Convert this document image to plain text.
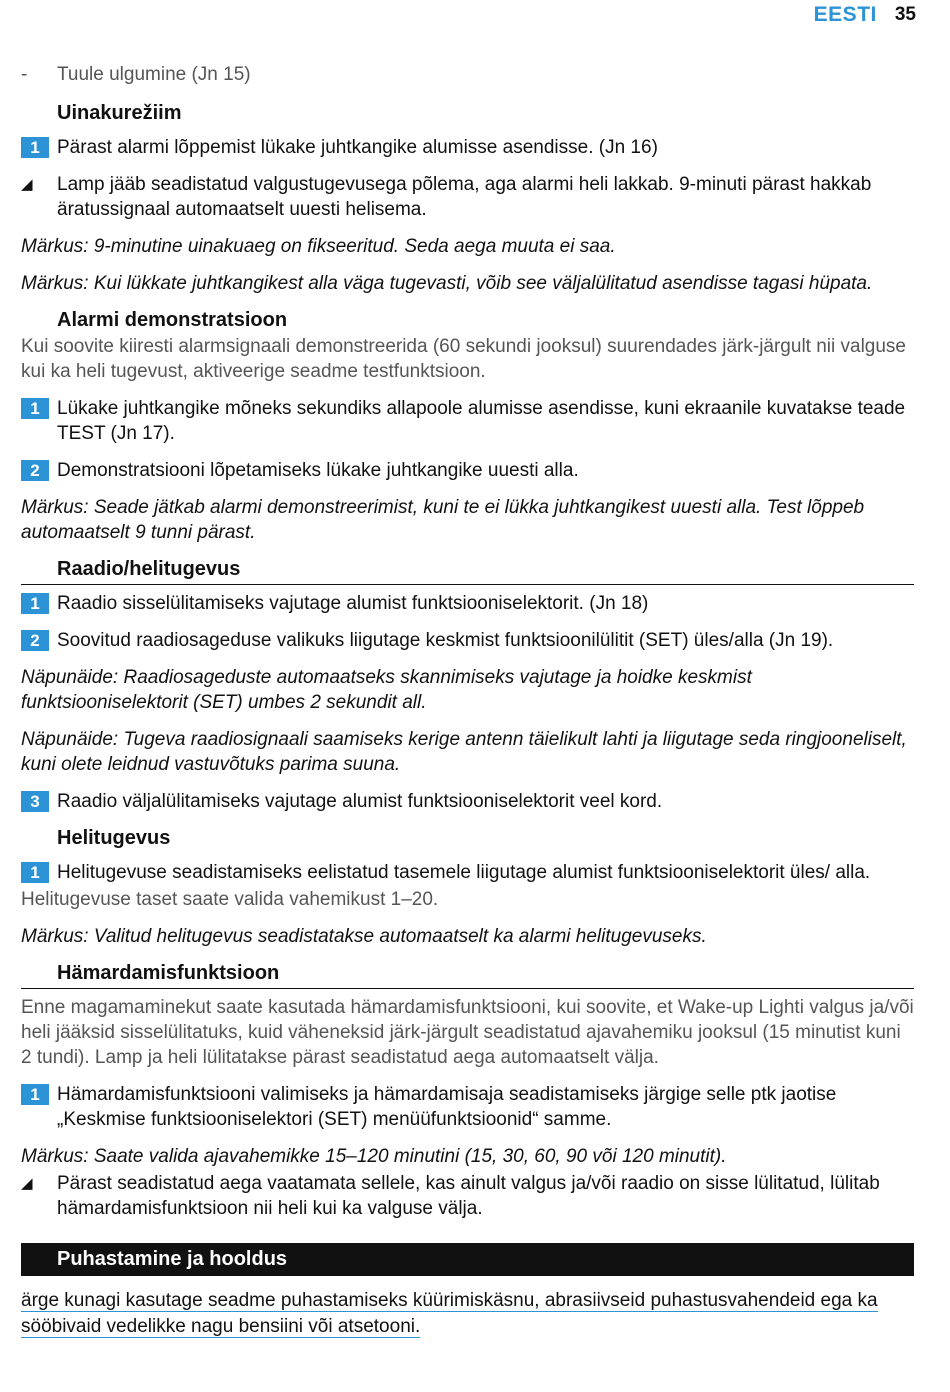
EESTI 35
-	Tuule ulgumine (Jn 15)
Uinakurežiim
1 Pärast alarmi lõppemist lükake juhtkangike alumisse asendisse. (Jn 16)
◢ Lamp jääb seadistatud valgustugevusega põlema, aga alarmi heli lakkab. 9-minuti pärast hakkab äratussignaal automaatselt uuesti helisema.
Märkus: 9-minutine uinakuaeg on fikseeritud. Seda aega muuta ei saa.
Märkus: Kui lükkate juhtkangikest alla väga tugevasti, võib see väljalülitatud asendisse tagasi hüpata.
Alarmi demonstratsioon
Kui soovite kiiresti alarmsignaali demonstreerida (60 sekundi jooksul) suurendades järk-järgult nii valguse kui ka heli tugevust, aktiveerige seadme testfunktsioon.
1 Lükake juhtkangike mõneks sekundiks allapoole alumisse asendisse, kuni ekraanile kuvatakse teade TEST (Jn 17).
2 Demonstratsiooni lõpetamiseks lükake juhtkangike uuesti alla.
Märkus: Seade jätkab alarmi demonstreerimist, kuni te ei lükka juhtkangikest uuesti alla. Test lõppeb automaatselt 9 tunni pärast.
Raadio/helitugevus
1 Raadio sisselülitamiseks vajutage alumist funktsiooniselektorit. (Jn 18)
2 Soovitud raadiosageduse valikuks liigutage keskmist funktsioonilülitit (SET) üles/alla (Jn 19).
Näpunäide: Raadiosageduste automaatseks skannimiseks vajutage ja hoidke keskmist funktsiooniselektorit (SET) umbes 2 sekundit all.
Näpunäide: Tugeva raadiosignaali saamiseks kerige antenn täielikult lahti ja liigutage seda ringjooneliselt, kuni olete leidnud vastuvõtuks parima suuna.
3 Raadio väljalülitamiseks vajutage alumist funktsiooniselektorit veel kord.
Helitugevus
1 Helitugevuse seadistamiseks eelistatud tasemele liigutage alumist funktsiooniselektorit üles/ alla.
Helitugevuse taset saate valida vahemikust 1–20.
Märkus: Valitud helitugevus seadistatakse automaatselt ka alarmi helitugevuseks.
Hämardamisfunktsioon
Enne magamaminekut saate kasutada hämardamisfunktsiooni, kui soovite, et Wake-up Lighti valgus ja/või heli jääksid sisselülitatuks, kuid väheneksid järk-järgult seadistatud ajavahemiku jooksul (15 minutist kuni 2 tundi). Lamp ja heli lülitatakse pärast seadistatud aega automaatselt välja.
1 Hämardamisfunktsiooni valimiseks ja hämardamisaja seadistamiseks järgige selle ptk jaotise „Keskmise funktsiooniselektori (SET) menüüfunktsioonid“ samme.
Märkus: Saate valida ajavahemikke 15–120 minutini (15, 30, 60, 90 või 120 minutit).
◢ Pärast seadistatud aega vaatamata sellele, kas ainult valgus ja/või raadio on sisse lülitatud, lülitab hämardamisfunktsioon nii heli kui ka valguse välja.
Puhastamine ja hooldus

ärge kunagi kasutage seadme puhastamiseks küürimiskäsnu, abrasiivseid puhastusvahendeid ega ka sööbivaid vedelikke nagu bensiini või atsetooni.
